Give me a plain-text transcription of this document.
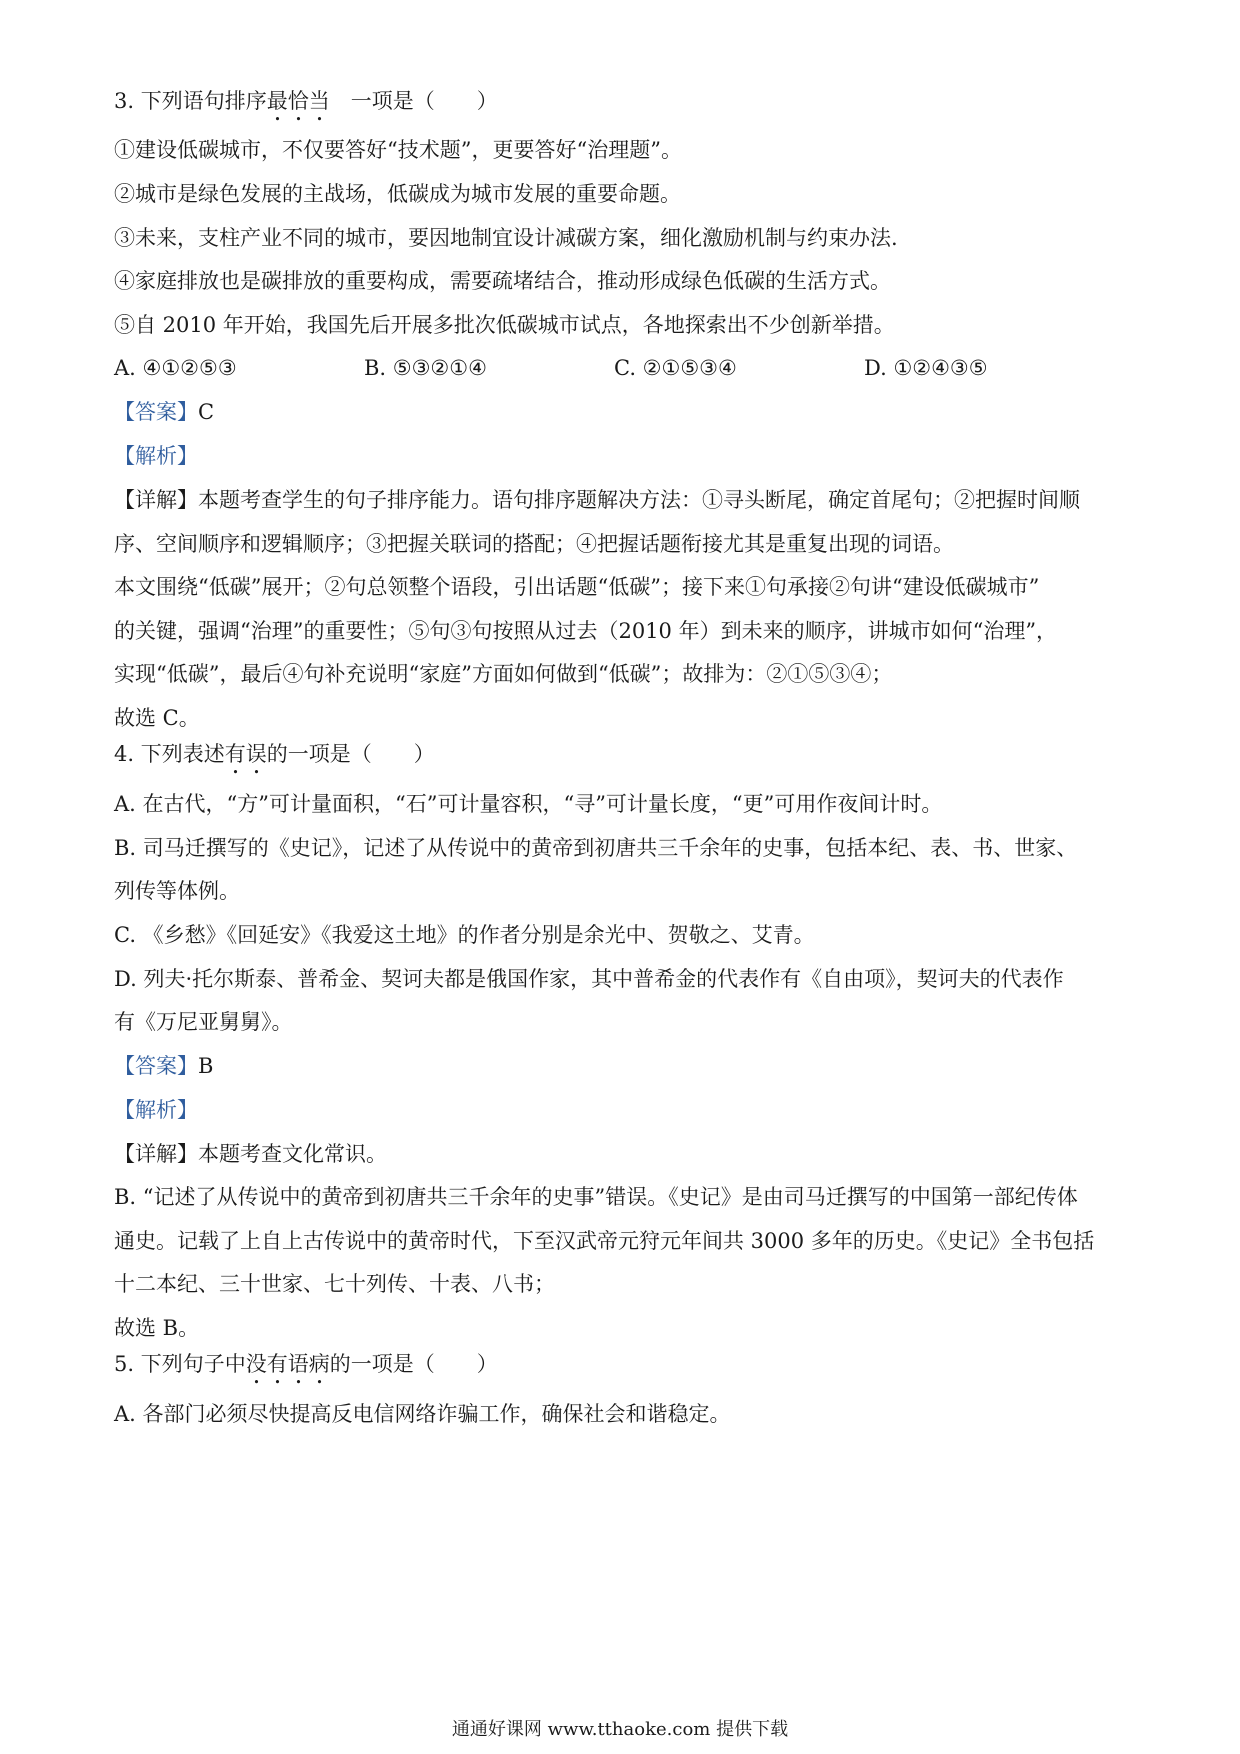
3. 下列语句排序最恰当　 一项是（　　）
①建设低碳城市，不仅要答好“技术题”，更要答好“治理题”。
②城市是绿色发展的主战场，低碳成为城市发展的重要命题。
③未来，支柱产业不同的城市，要因地制宜设计减碳方案，细化激励机制与约束办法.
④家庭排放也是碳排放的重要构成，需要疏堵结合，推动形成绿色低碳的生活方式。
⑤自 2010 年开始，我国先后开展多批次低碳城市试点，各地探索出不少创新举措。
A. ④①②⑤③	B. ⑤③②①④	C. ②①⑤③④	D. ①②④③⑤
【答案】C
【解析】
【详解】本题考查学生的句子排序能力。语句排序题解决方法：①寻头断尾，确定首尾句；②把握时间顺
序、空间顺序和逻辑顺序；③把握关联词的搭配；④把握话题衔接尤其是重复出现的词语。
本文围绕“低碳”展开；②句总领整个语段，引出话题“低碳”；接下来①句承接②句讲“建设低碳城市”
的关键，强调“治理”的重要性；⑤句③句按照从过去（2010 年）到未来的顺序，讲城市如何“治理”，
实现“低碳”，最后④句补充说明“家庭”方面如何做到“低碳”；故排为：②①⑤③④；
故选 C。
4. 下列表述有误的一项是（　　）
A. 在古代，“方”可计量面积，“石”可计量容积，“寻”可计量长度，“更”可用作夜间计时。
B. 司马迁撰写的《史记》，记述了从传说中的黄帝到初唐共三千余年的史事，包括本纪、表、书、世家、
列传等体例。
C. 《乡愁》《回延安》《我爱这土地》的作者分别是余光中、贺敬之、艾青。
D. 列夫·托尔斯泰、普希金、契诃夫都是俄国作家，其中普希金的代表作有《自由项》，契诃夫的代表作
有《万尼亚舅舅》。
【答案】B
【解析】
【详解】本题考查文化常识。
B. “记述了从传说中的黄帝到初唐共三千余年的史事”错误。《史记》是由司马迁撰写的中国第一部纪传体
通史。记载了上自上古传说中的黄帝时代，下至汉武帝元狩元年间共 3000 多年的历史。《史记》全书包括
十二本纪、三十世家、七十列传、十表、八书；
故选 B。
5. 下列句子中没有语病的一项是（　　）
A. 各部门必须尽快提高反电信网络诈骗工作，确保社会和谐稳定。
通通好课网 www.tthaoke.com 提供下载
